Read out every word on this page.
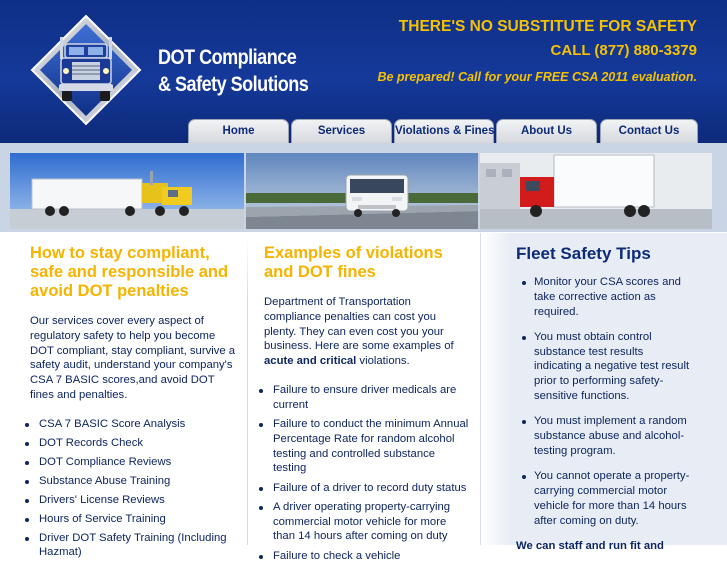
DOT Compliance
& Safety Solutions
THERE'S NO SUBSTITUTE FOR SAFETY
CALL (877) 880-3379
Be prepared! Call for your FREE CSA 2011 evaluation.
Home	Services	Violations & Fines	About Us	Contact Us
How to stay compliant, safe and responsible and avoid DOT penalties

Our services cover every aspect of regulatory safety to help you become DOT compliant, stay compliant, survive a safety audit, understand your company's CSA 7 BASIC scores,and avoid DOT fines and penalties.

CSA 7 BASIC Score Analysis
DOT Records Check
DOT Compliance Reviews
Substance Abuse Training
Drivers' License Reviews
Hours of Service Training
Driver DOT Safety Training (Including Hazmat)
Examples of violations and DOT fines

Department of Transportation compliance penalties can cost you plenty. They can even cost you your business. Here are some examples of acute and critical violations.

Failure to ensure driver medicals are current
Failure to conduct the minimum Annual Percentage Rate for random alcohol testing and controlled substance testing
Failure of a driver to record duty status
A driver operating property-carrying commercial motor vehicle for more than 14 hours after coming on duty
Failure to check a vehicle
Fleet Safety Tips
Monitor your CSA scores and take corrective action as required.
You must obtain control substance test results indicating a negative test result prior to performing safety-sensitive functions.
You must implement a random substance abuse and alcohol-testing program.
You cannot operate a property-carrying commercial motor vehicle for more than 14 hours after coming on duty.

We can staff and run fit and
